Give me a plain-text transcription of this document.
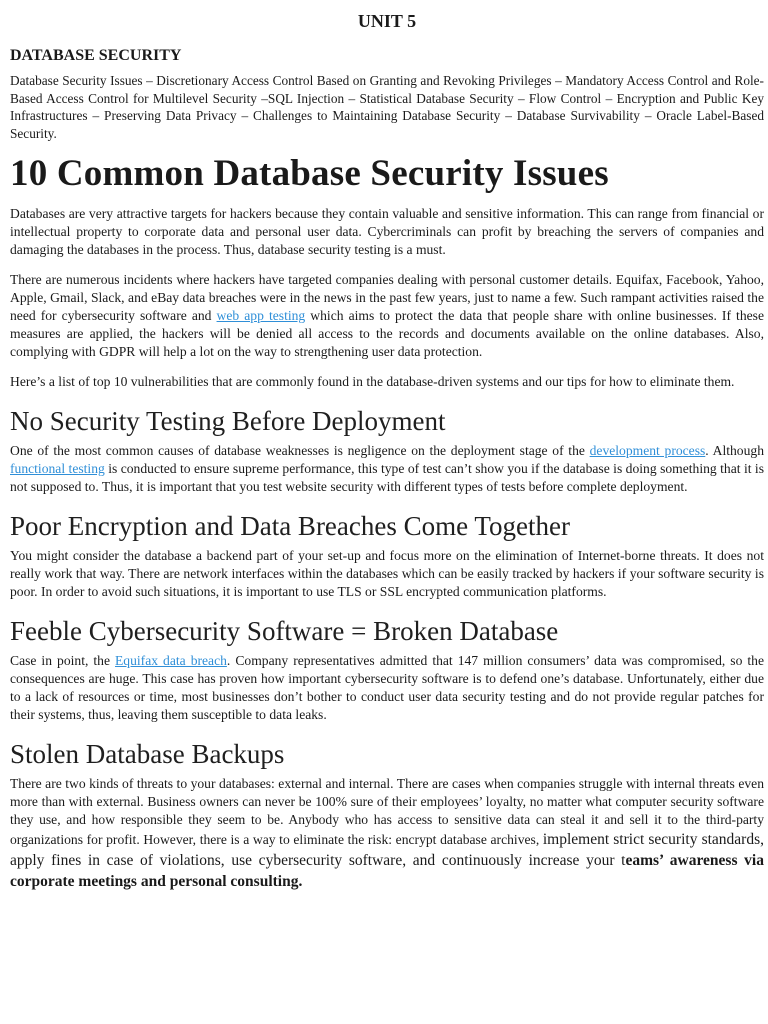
UNIT 5
DATABASE SECURITY

Database Security Issues – Discretionary Access Control Based on Granting and Revoking Privileges – Mandatory Access Control and Role-Based Access Control for Multilevel Security –SQL Injection – Statistical Database Security – Flow Control – Encryption and Public Key Infrastructures – Preserving Data Privacy – Challenges to Maintaining Database Security – Database Survivability – Oracle Label-Based Security.

10 Common Database Security Issues

Databases are very attractive targets for hackers because they contain valuable and sensitive information. This can range from financial or intellectual property to corporate data and personal user data. Cybercriminals can profit by breaching the servers of companies and damaging the databases in the process. Thus, database security testing is a must.

There are numerous incidents where hackers have targeted companies dealing with personal customer details. Equifax, Facebook, Yahoo, Apple, Gmail, Slack, and eBay data breaches were in the news in the past few years, just to name a few. Such rampant activities raised the need for cybersecurity software and web app testing which aims to protect the data that people share with online businesses. If these measures are applied, the hackers will be denied all access to the records and documents available on the online databases. Also, complying with GDPR will help a lot on the way to strengthening user data protection.

Here’s a list of top 10 vulnerabilities that are commonly found in the database-driven systems and our tips for how to eliminate them.

No Security Testing Before Deployment

One of the most common causes of database weaknesses is negligence on the deployment stage of the development process. Although functional testing is conducted to ensure supreme performance, this type of test can’t show you if the database is doing something that it is not supposed to. Thus, it is important that you test website security with different types of tests before complete deployment.

Poor Encryption and Data Breaches Come Together

You might consider the database a backend part of your set-up and focus more on the elimination of Internet-borne threats. It does not really work that way. There are network interfaces within the databases which can be easily tracked by hackers if your software security is poor. In order to avoid such situations, it is important to use TLS or SSL encrypted communication platforms.

Feeble Cybersecurity Software = Broken Database

Case in point, the Equifax data breach. Company representatives admitted that 147 million consumers’ data was compromised, so the consequences are huge. This case has proven how important cybersecurity software is to defend one’s database. Unfortunately, either due to a lack of resources or time, most businesses don’t bother to conduct user data security testing and do not provide regular patches for their systems, thus, leaving them susceptible to data leaks.

Stolen Database Backups

There are two kinds of threats to your databases: external and internal. There are cases when companies struggle with internal threats even more than with external. Business owners can never be 100% sure of their employees’ loyalty, no matter what computer security software they use, and how responsible they seem to be. Anybody who has access to sensitive data can steal it and sell it to the third-party organizations for profit. However, there is a way to eliminate the risk: encrypt database archives, implement strict security standards, apply fines in case of violations, use cybersecurity software, and continuously increase your teams’ awareness via corporate meetings and personal consulting.
